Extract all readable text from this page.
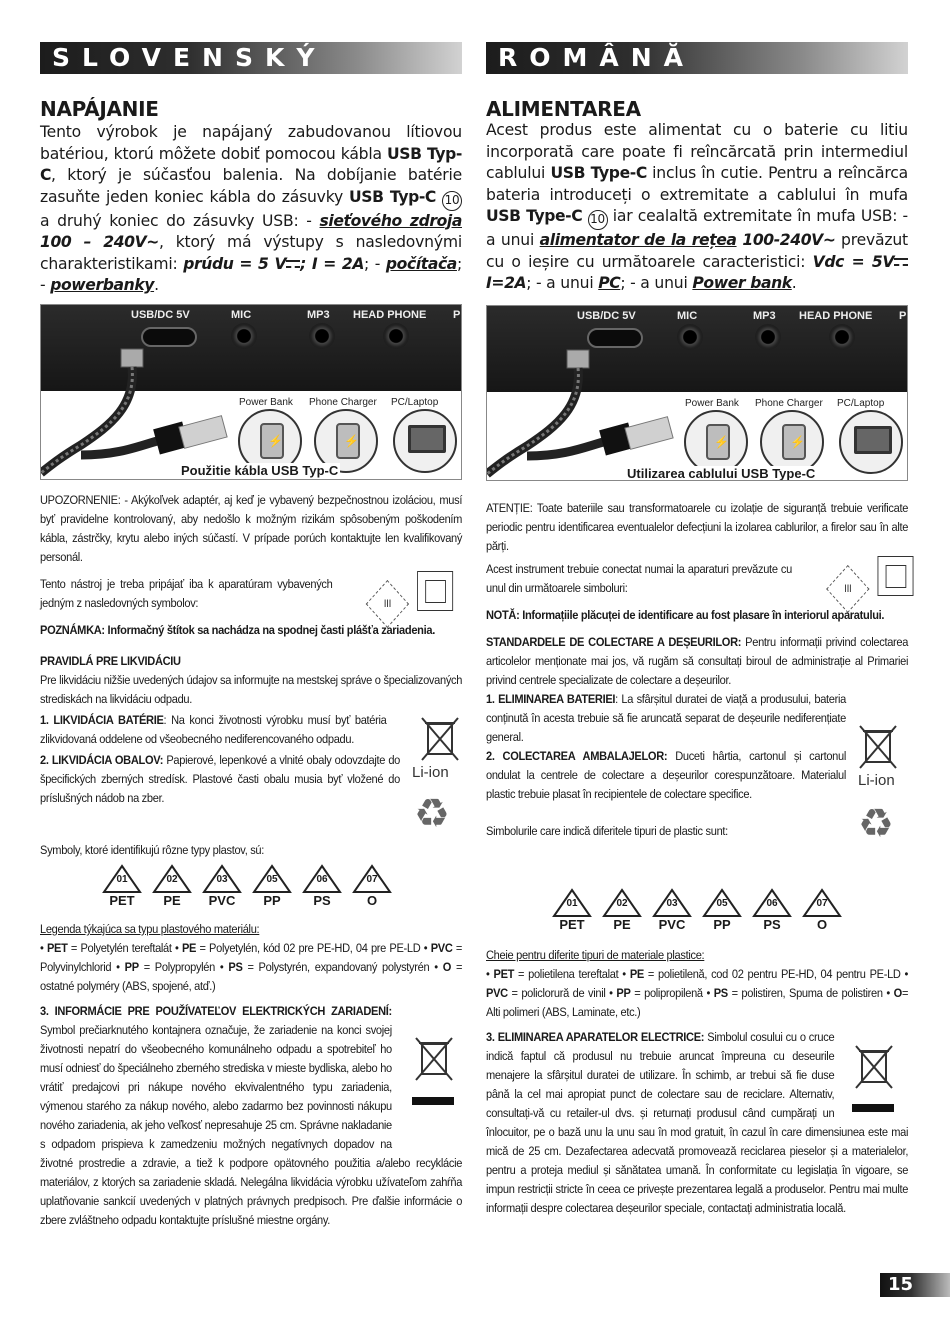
SLOVENSKÝ
NAPÁJANIE

Tento výrobok je napájaný zabudovanou lítiovou batériou, ktorú môžete dobiť pomocou kábla USB Typ-C, ktorý je súčasťou balenia. Na dobíjanie batérie zasuňte jeden koniec kábla do zásuvky USB Typ-C 10 a druhý koniec do zásuvky USB: - sieťového zdroja 100 – 240V~, ktorý má výstupy s nasledovnými charakteristikami: prúdu = 5 V ; I = 2A; - počítača; - powerbanky.

USB/DC 5V	MIC	MP3 HEAD PHONE P
Power Bank Phone Charger PC/Laptop
⚡	⚡
Použitie kábla USB Typ-C

UPOZORNENIE: - Akýkoľvek adaptér, aj keď je vybavený bezpečnostnou izoláciou, musí byť pravidelne kontrolovaný, aby nedošlo k možným rizikám spôsobeným poškodením kábla, zástrčky, krytu alebo iných súčastí. V prípade porúch kontaktujte len kvalifikovaný personál.

Tento nástroj je treba pripájať iba k aparatúram vybavených jedným z nasledovných symbolov:	III

POZNÁMKA: Informačný štítok sa nachádza na spodnej časti plášťa zariadenia.

PRAVIDLÁ PRE LIKVIDÁCIU

Pre likvidáciu nižšie uvedených údajov sa informujte na mestskej správe o špecializovaných strediskách na likvidáciu odpadu.

1. LIKVIDÁCIA BATÉRIE: Na konci životnosti výrobku musí byť batéria zlikvidovaná oddelene od všeobecného nediferencovaného odpadu.

2. LIKVIDÁCIA OBALOV: Papierové, lepenkové a vlnité obaly odovzdajte do špecifických zberných stredísk. Plastové časti obalu musia byť vložené do príslušných nádob na zber.

Symboly, ktoré identifikujú rôzne typy plastov, sú:

Li-ion
♻
01
PET
02
PE
03
PVC
05
PP
06
PS
07
O

Legenda týkajúca sa typu plastového materiálu:

• PET = Polyetylén tereftalát • PE = Polyetylén, kód 02 pre PE-HD, 04 pre PE-LD • PVC = Polyvinylchlorid • PP = Polypropylén • PS = Polystyrén, expandovaný polystyrén • O = ostatné polyméry (ABS, spojené, atď.)

3. INFORMÁCIE PRE POUŽÍVATEĽOV ELEKTRICKÝCH ZARIADENÍ: Symbol prečiarknutého kontajnera označuje, že zariadenie na konci svojej životnosti nepatrí do všeobecného komunálneho odpadu a spotrebiteľ ho musí odniesť do špeciálneho zberného strediska v mieste bydliska, alebo ho vrátiť predajcovi pri nákupe nového ekvivalentného typu zariadenia, výmenou starého za nákup nového, alebo zadarmo bez povinnosti nákupu nového zariadenia, ak jeho veľkosť nepresahuje 25 cm. Správne nakladanie s odpadom prispieva k zamedzeniu možných negatívnych dopadov na životné prostredie a zdravie, a tiež k podpore opätovného použitia a/alebo recyklácie materiálov, z ktorých sa zariadenie skladá. Nelegálna likvidácia výrobku užívateľom zahŕňa uplatňovanie sankcií uvedených v platných právnych predpisoch. Pre ďalšie informácie o zbere zvláštneho odpadu kontaktujte príslušné miestne orgány.

ROMÂNĂ
ALIMENTAREA

Acest produs este alimentat cu o baterie cu litiu incorporată care poate fi reîncărcată prin intermediul cablului USB Type-C inclus în cutie. Pentru a reîncărca bateria introduceți o extremitate a cablului în mufa USB Type-C 10 iar cealaltă extremitate în mufa USB: - a unui alimentator de la rețea 100-240V~ prevăzut cu o ieșire cu următoarele caracteristici: Vdc = 5V I=2A; - a unui PC; - a unui Power bank.

USB/DC 5V	MIC	MP3 HEAD PHONE P
Power Bank Phone Charger PC/Laptop
⚡	⚡
Utilizarea cablului USB Type-C

ATENȚIE: Toate bateriile sau transformatoarele cu izolație de siguranță trebuie verificate periodic pentru identificarea eventualelor defecțiuni la izolarea cablurilor, a firelor sau în alte părți.

Acest instrument trebuie conectat numai la aparaturi prevăzute cu unul din următoarele simboluri:	III

NOTĂ: Informațiile plăcuței de identificare au fost plasare în interiorul aparatului.

STANDARDELE DE COLECTARE A DEȘEURILOR: Pentru informații privind colectarea articolelor menționate mai jos, vă rugăm să consultați biroul de administrație al Primariei privind centrele specializate de colectare a deșeurilor.

1. ELIMINAREA BATERIEI: La sfârșitul duratei de viață a produsului, bateria conținută în acesta trebuie să fie aruncată separat de deșeurile nediferențiate general.

2. COLECTAREA AMBALAJELOR: Duceti hârtia, cartonul și cartonul ondulat la centrele de colectare a deșeurilor corespunzătoare. Materialul plastic trebuie plasat în recipientele de colectare specifice.

Simbolurile care indică diferitele tipuri de plastic sunt:

Li-ion
♻
01
PET
02
PE
03
PVC
05
PP
06
PS
07
O

Cheie pentru diferite tipuri de materiale plastice:

• PET = polietilena tereftalat • PE = polietilenă, cod 02 pentru PE-HD, 04 pentru PE-LD • PVC = policlorură de vinil • PP = polipropilenă • PS = polistiren, Spuma de polistiren • O= Alti polimeri (ABS, Laminate, etc.)

3. ELIMINAREA APARATELOR ELECTRICE: Simbolul cosului cu o cruce indică faptul că produsul nu trebuie aruncat împreuna cu deseurile menajere la sfârșitul duratei de utilizare. În schimb, ar trebui să fie duse până la cel mai apropiat punct de colectare sau de reciclare. Alternativ, consultați-vă cu retailer-ul dvs. și returnați produsul când cumpărați un înlocuitor, pe o bază unu la unu sau în mod gratuit, în cazul în care dimensiunea este mai mică de 25 cm. Dezafectarea adecvată promovează reciclarea pieselor și a materialelor, pentru a proteja mediul și sănătatea umană. În conformitate cu legislația în vigoare, se impun restricții stricte în ceea ce privește prezentarea legală a produselor. Pentru mai multe informații despre colectarea deșeurilor speciale, contactați administratia locală.

15
